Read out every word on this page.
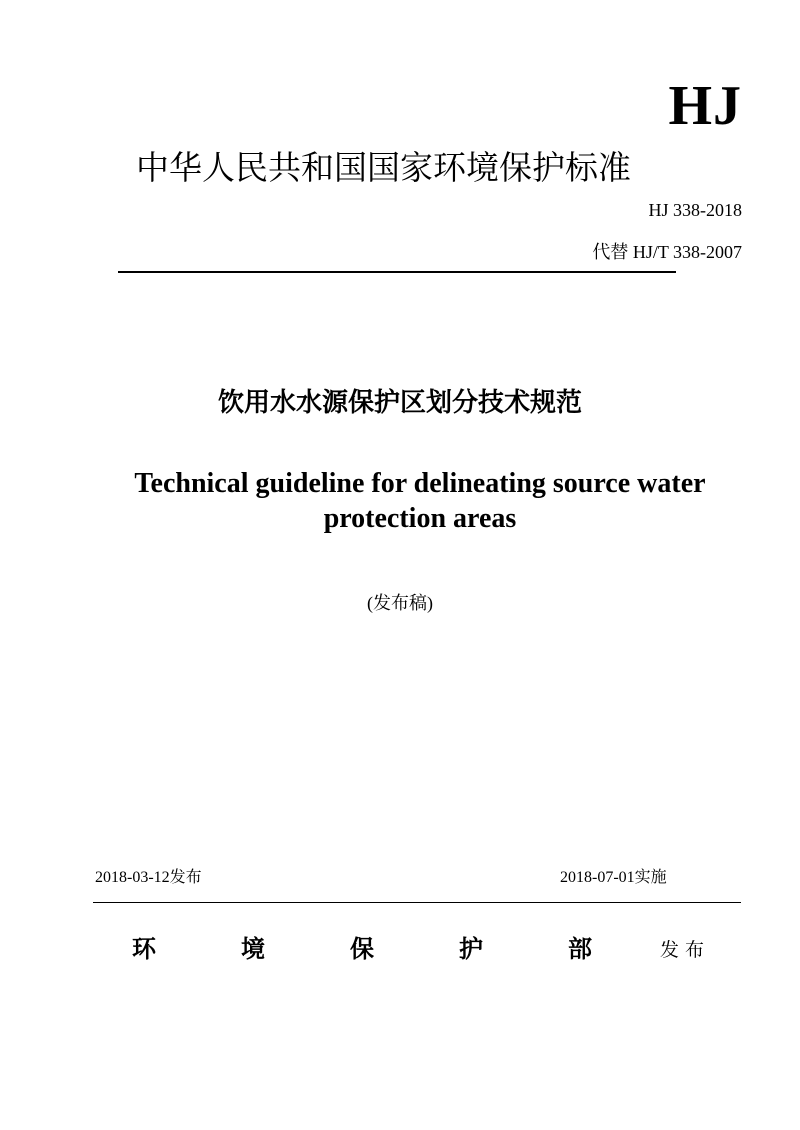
HJ
中华人民共和国国家环境保护标准
HJ 338-2018
代替 HJ/T 338-2007
饮用水水源保护区划分技术规范
Technical guideline for delineating source water
protection areas
(发布稿)
2018-03-12发布	2018-07-01实施
环	境	保	护	部	发布
